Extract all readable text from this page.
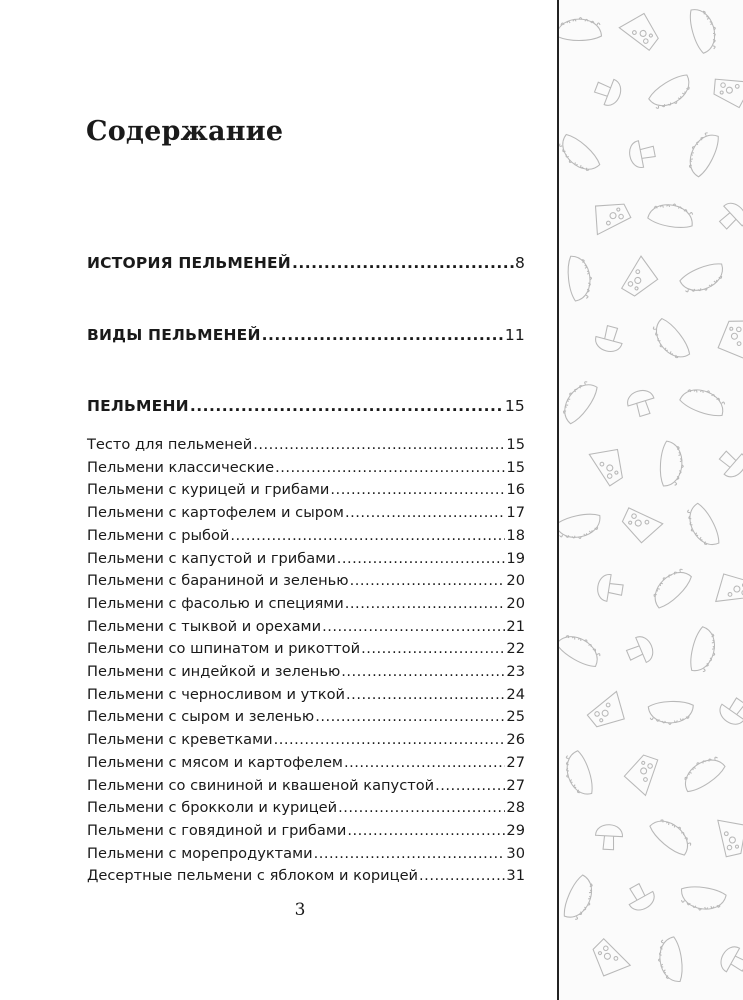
Содержание
ИСТОРИЯ ПЕЛЬМЕНЕЙ .....	8
ВИДЫ ПЕЛЬМЕНЕЙ .....	11
ПЕЛЬМЕНИ .....	15
Тесто для пельменей .....	15
Пельмени классические .....	15
Пельмени с курицей и грибами .....	16
Пельмени с картофелем и сыром .....	17
Пельмени с рыбой .....	18
Пельмени с капустой и грибами .....	19
Пельмени с бараниной и зеленью .....	20
Пельмени с фасолью и специями .....	20
Пельмени с тыквой и орехами .....	21
Пельмени со шпинатом и рикоттой .....	22
Пельмени с индейкой и зеленью .....	23
Пельмени с черносливом и уткой .....	24
Пельмени с сыром и зеленью .....	25
Пельмени с креветками .....	26
Пельмени с мясом и картофелем .....	27
Пельмени со свининой и квашеной капустой .....	27
Пельмени с брокколи и курицей .....	28
Пельмени с говядиной и грибами .....	29
Пельмени с морепродуктами .....	30
Десертные пельмени с яблоком и корицей .....	31
3
